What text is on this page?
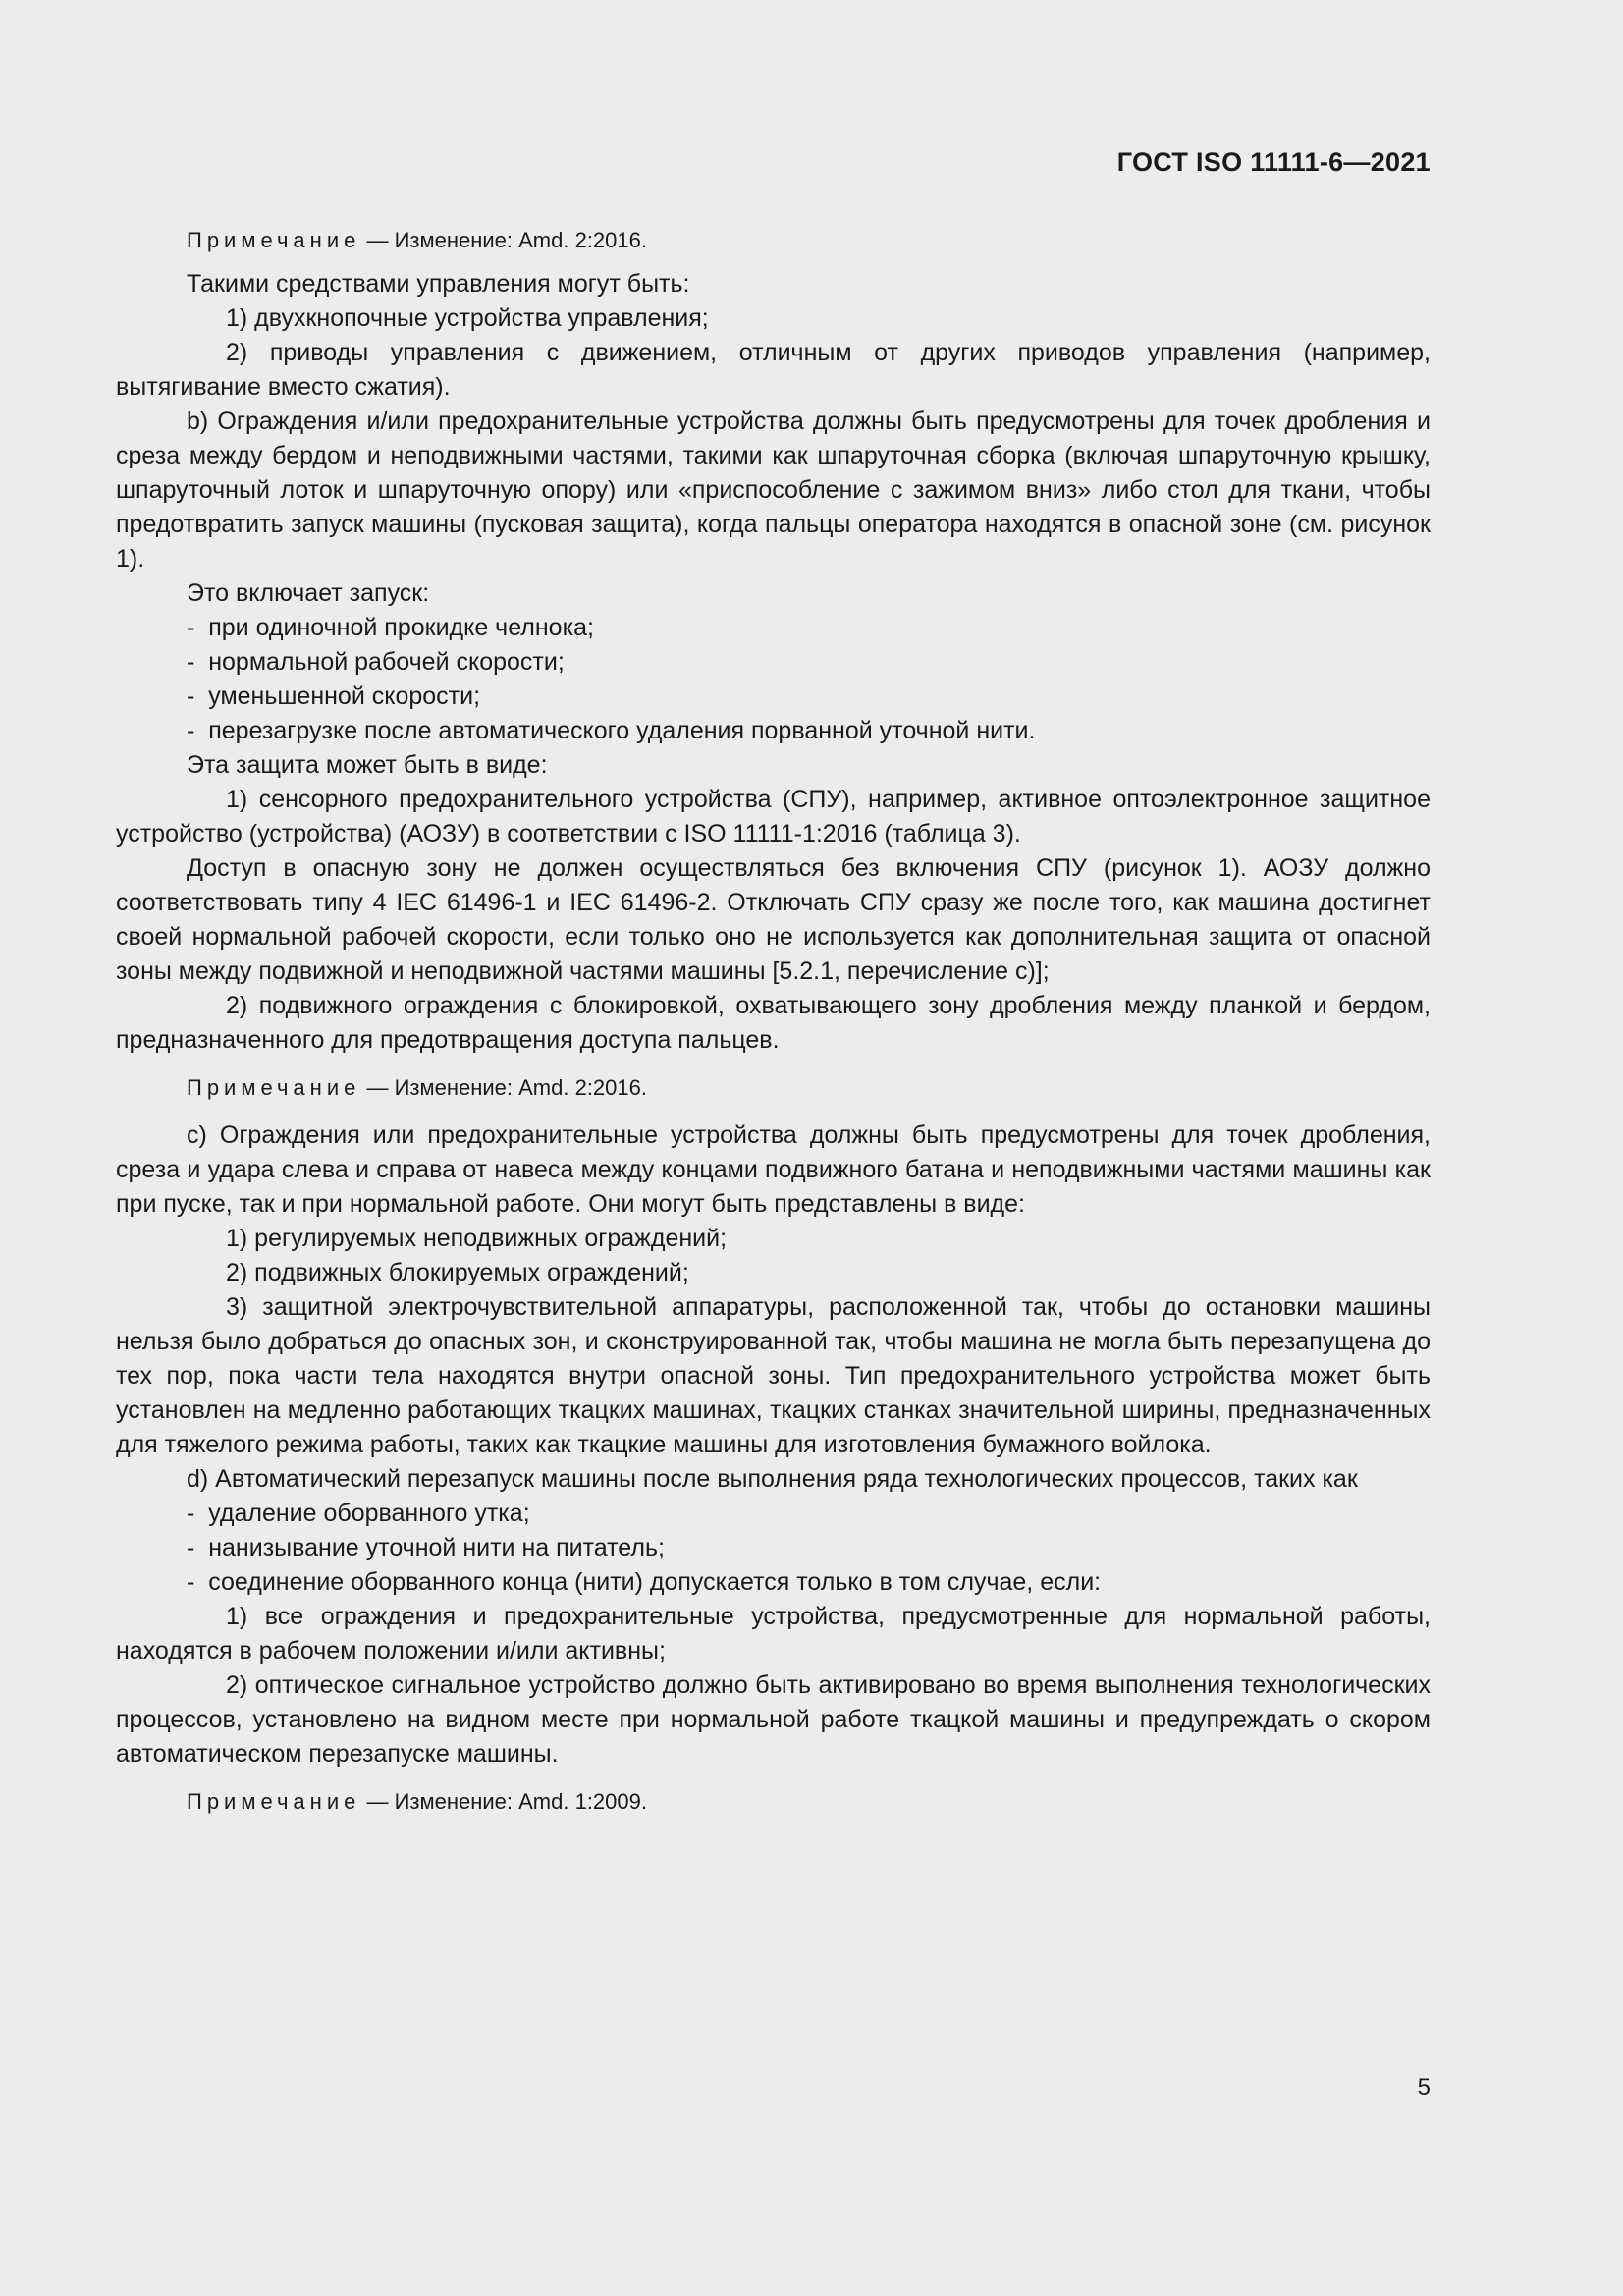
ГОСТ ISO 11111-6—2021

Примечание — Изменение: Amd. 2:2016.

Такими средствами управления могут быть:

1) двухкнопочные устройства управления;

2) приводы управления с движением, отличным от других приводов управления (например,

вытягивание вместо сжатия).

b) Ограждения и/или предохранительные устройства должны быть предусмотрены для точек дробления и среза между бердом и неподвижными частями, такими как шпаруточная сборка (включая шпаруточную крышку, шпаруточный лоток и шпаруточную опору) или «приспособление с зажимом вниз» либо стол для ткани, чтобы предотвратить запуск машины (пусковая защита), когда пальцы оператора находятся в опасной зоне (см. рисунок 1).

Это включает запуск:

-  при одиночной прокидке челнока;

-  нормальной рабочей скорости;

-  уменьшенной скорости;

-  перезагрузке после автоматического удаления порванной уточной нити.

Эта защита может быть в виде:

1) сенсорного предохранительного устройства (СПУ), например, активное оптоэлектронное защитное устройство (устройства) (АОЗУ) в соответствии с ISO 11111-1:2016 (таблица 3).

Доступ в опасную зону не должен осуществляться без включения СПУ (рисунок 1). АОЗУ должно соответствовать типу 4 IEC 61496-1 и IEC 61496-2. Отключать СПУ сразу же после того, как машина достигнет своей нормальной рабочей скорости, если только оно не используется как дополнительная защита от опасной зоны между подвижной и неподвижной частями машины [5.2.1, перечисление с)];

2) подвижного ограждения с блокировкой, охватывающего зону дробления между планкой и бердом, предназначенного для предотвращения доступа пальцев.

Примечание — Изменение: Amd. 2:2016.

c) Ограждения или предохранительные устройства должны быть предусмотрены для точек дробления, среза и удара слева и справа от навеса между концами подвижного батана и неподвижными частями машины как при пуске, так и при нормальной работе. Они могут быть представлены в виде:

1) регулируемых неподвижных ограждений;

2) подвижных блокируемых ограждений;

3) защитной электрочувствительной аппаратуры, расположенной так, чтобы до остановки машины нельзя было добраться до опасных зон, и сконструированной так, чтобы машина не могла быть перезапущена до тех пор, пока части тела находятся внутри опасной зоны. Тип предохранительного устройства может быть установлен на медленно работающих ткацких машинах, ткацких станках значительной ширины, предназначенных для тяжелого режима работы, таких как ткацкие машины для изготовления бумажного войлока.

d) Автоматический перезапуск машины после выполнения ряда технологических процессов, таких как

-  удаление оборванного утка;

-  нанизывание уточной нити на питатель;

-  соединение оборванного конца (нити) допускается только в том случае, если:

1) все ограждения и предохранительные устройства, предусмотренные для нормальной работы, находятся в рабочем положении и/или активны;

2) оптическое сигнальное устройство должно быть активировано во время выполнения технологических процессов, установлено на видном месте при нормальной работе ткацкой машины и предупреждать о скором автоматическом перезапуске машины.

Примечание — Изменение: Amd. 1:2009.

5
